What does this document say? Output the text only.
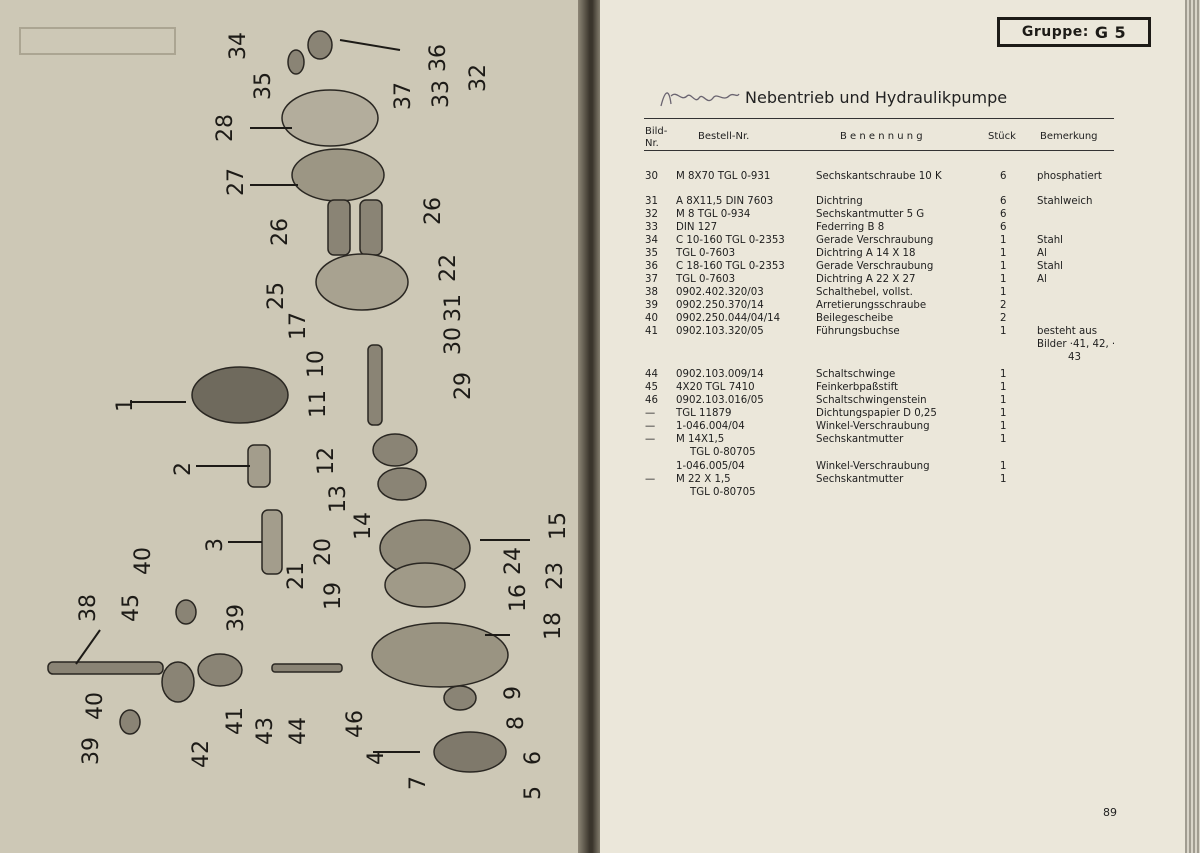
34	36
35	32
37 33
28
27
26
26
22
25	31
17
30
10
29
1	11
2	12
13
14	15
20	24
40
21	23
19	16
3
45	39
38
18
40	9
39	42
41 43 44 46	8
4	6
7
5
Gruppe: G 5
Nebentrieb und Hydraulikpumpe
Bild-
Nr.
Bestell-Nr.	B e n e n n u n g	Stück Bemerkung
30 M 8X70 TGL 0-931	Sechskantschraube 10 K	6	phosphatiert
31 A 8X11,5 DIN 7603	Dichtring	6	Stahlweich
32 M 8 TGL 0-934	Sechskantmutter 5 G	6
33 DIN 127	Federring B 8	6
34 C 10-160 TGL 0-2353	Gerade Verschraubung	1	Stahl
35 TGL 0-7603	Dichtring A 14 X 18	1	Al
36 C 18-160 TGL 0-2353	Gerade Verschraubung	1	Stahl
37 TGL 0-7603	Dichtring A 22 X 27	1	Al
38 0902.402.320/03	Schalthebel, vollst.	1
39 0902.250.370/14	Arretierungsschraube	2
40 0902.250.044/04/14	Beilegescheibe	2
41 0902.103.320/05	Führungsbuchse	1	besteht aus
Bilder ·41, 42, ·
43
44 0902.103.009/14	Schaltschwinge	1
45 4X20 TGL 7410	Feinkerbpaßstift	1
46 0902.103.016/05	Schaltschwingenstein	1
— TGL 11879	Dichtungspapier D 0,25	1
— 1-046.004/04	Winkel-Verschraubung	1
— M 14X1,5	Sechskantmutter	1
TGL 0-80705
1-046.005/04	Winkel-Verschraubung	1
— M 22 X 1,5	Sechskantmutter	1
TGL 0-80705
89
